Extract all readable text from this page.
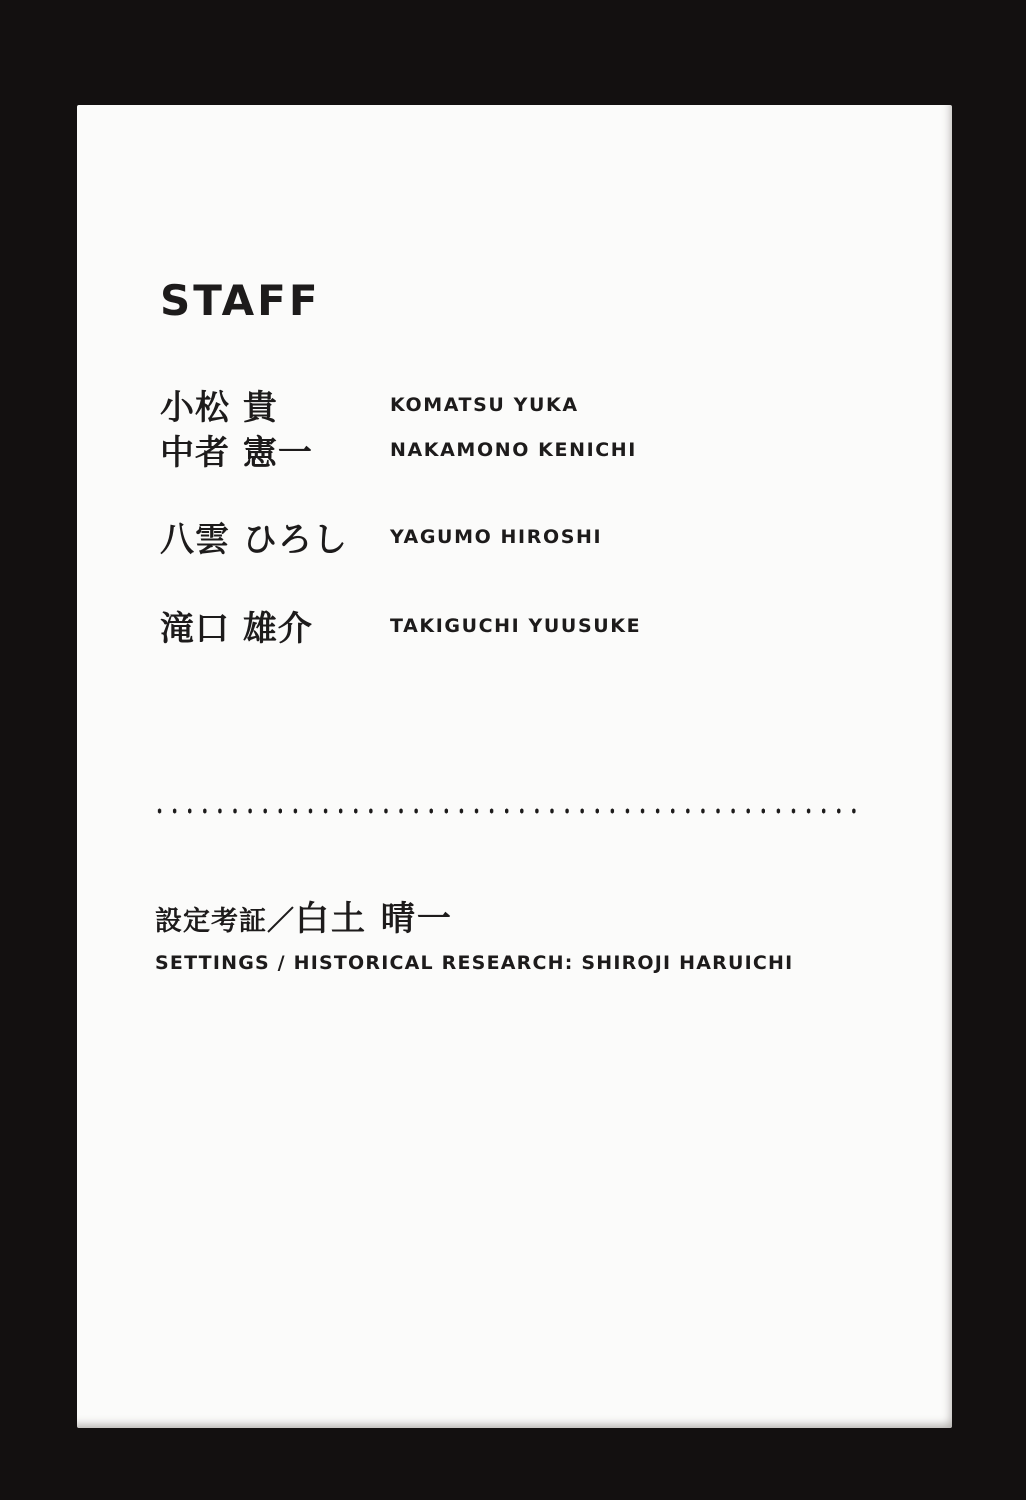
STAFF
小松 貴	KOMATSU YUKA
中者 憲一	NAKAMONO KENICHI
八雲 ひろし	YAGUMO HIROSHI
滝口 雄介	TAKIGUCHI YUUSUKE
設定考証／白土 晴一
SETTINGS / HISTORICAL RESEARCH: SHIROJI HARUICHI
